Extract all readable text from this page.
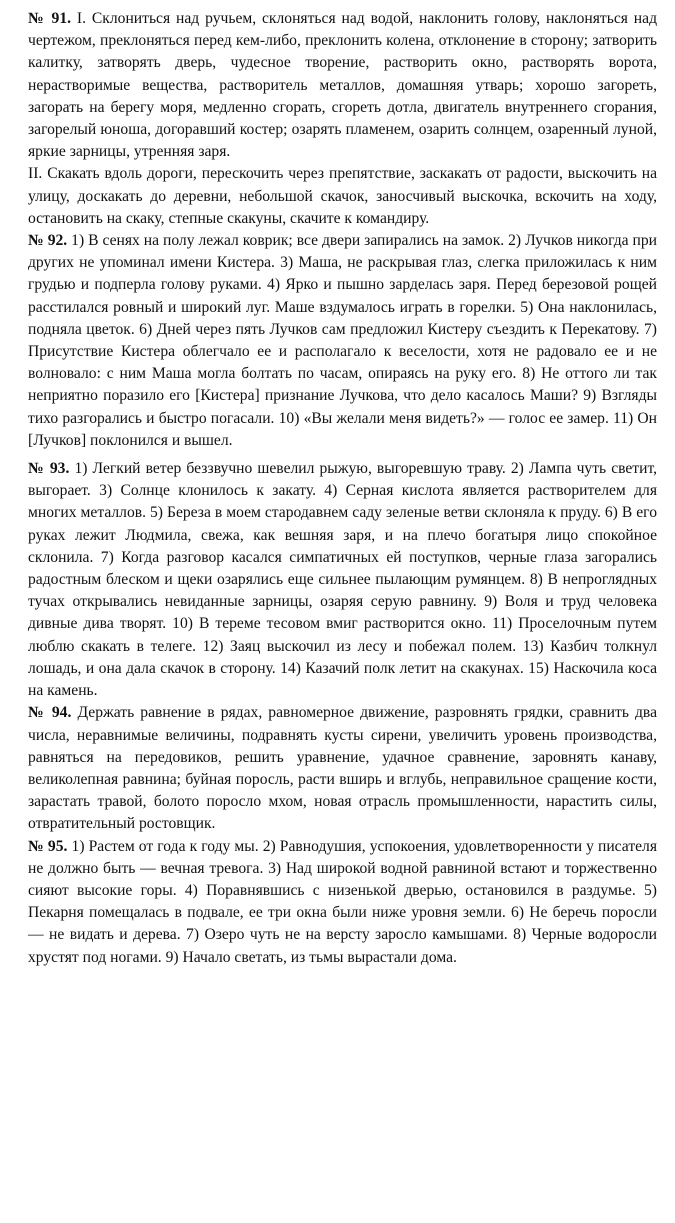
№ 91. I. Склониться над ручьем, склоняться над водой, наклонить голову, наклоняться над чертежом, преклоняться перед кем-либо, преклонить колена, отклонение в сторону; затворить калитку, затворять дверь, чудесное творение, растворить окно, растворять ворота, нерастворимые вещества, растворитель металлов, домашняя утварь; хорошо загореть, загорать на берегу моря, медленно сгорать, сгореть дотла, двигатель внутреннего сгорания, загорелый юноша, догоравший костер; озарять пламенем, озарить солнцем, озаренный луной, яркие зарницы, утренняя заря.

II. Скакать вдоль дороги, перескочить через препятствие, заскакать от радости, выскочить на улицу, доскакать до деревни, небольшой скачок, заносчивый выскочка, вскочить на ходу, остановить на скаку, степные скакуны, скачите к командиру.

№ 92. 1) В сенях на полу лежал коврик; все двери запирались на замок. 2) Лучков никогда при других не упоминал имени Кистера. 3) Маша, не раскрывая глаз, слегка приложилась к ним грудью и подперла голову руками. 4) Ярко и пышно зарделась заря. Перед березовой рощей расстилался ровный и широкий луг. Маше вздумалось играть в горелки. 5) Она наклонилась, подняла цветок. 6) Дней через пять Лучков сам предложил Кистеру съездить к Перекатову. 7) Присутствие Кистера облегчало ее и располагало к веселости, хотя не радовало ее и не волновало: с ним Маша могла болтать по часам, опираясь на руку его. 8) Не оттого ли так неприятно поразило его [Кистера] признание Лучкова, что дело касалось Маши? 9) Взгляды тихо разгорались и быстро погасали. 10) «Вы желали меня видеть?» — голос ее замер. 11) Он [Лучков] поклонился и вышел.

№ 93. 1) Легкий ветер беззвучно шевелил рыжую, выгоревшую траву. 2) Лампа чуть светит, выгорает. 3) Солнце клонилось к закату. 4) Серная кислота является растворителем для многих металлов. 5) Береза в моем стародавнем саду зеленые ветви склоняла к пруду. 6) В его руках лежит Людмила, свежа, как вешняя заря, и на плечо богатыря лицо спокойное склонила. 7) Когда разговор касался симпатичных ей поступков, черные глаза загорались радостным блеском и щеки озарялись еще сильнее пылающим румянцем. 8) В непроглядных тучах открывались невиданные зарницы, озаряя серую равнину. 9) Воля и труд человека дивные дива творят. 10) В тереме тесовом вмиг растворится окно. 11) Проселочным путем люблю скакать в телеге. 12) Заяц выскочил из лесу и побежал полем. 13) Казбич толкнул лошадь, и она дала скачок в сторону. 14) Казачий полк летит на скакунах. 15) Наскочила коса на камень.

№ 94. Держать равнение в рядах, равномерное движение, разровнять грядки, сравнить два числа, неравнимые величины, подравнять кусты сирени, увеличить уровень производства, равняться на передовиков, решить уравнение, удачное сравнение, заровнять канаву, великолепная равнина; буйная поросль, расти вширь и вглубь, неправильное сращение кости, зарастать травой, болото поросло мхом, новая отрасль промышленности, нарастить силы, отвратительный ростовщик.

№ 95. 1) Растем от года к году мы. 2) Равнодушия, успокоения, удовлетворенности у писателя не должно быть — вечная тревога. 3) Над широкой водной равниной встают и торжественно сияют высокие горы. 4) Поравнявшись с низенькой дверью, остановился в раздумье. 5) Пекарня помещалась в подвале, ее три окна были ниже уровня земли. 6) Не беречь поросли — не видать и дерева. 7) Озеро чуть не на версту заросло камышами. 8) Черные водоросли хрустят под ногами. 9) Начало светать, из тьмы вырастали дома.
